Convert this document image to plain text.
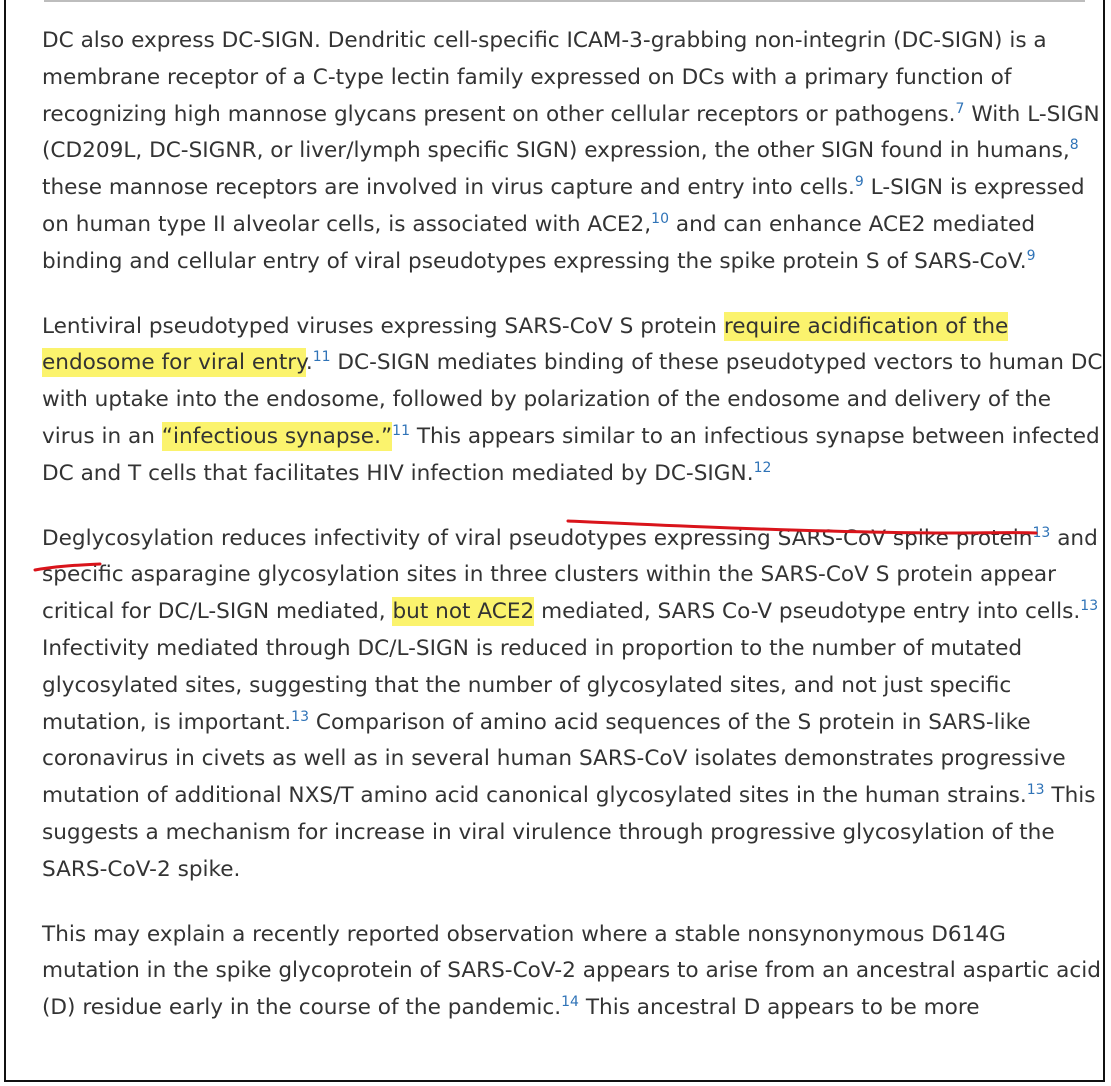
DC also express DC-SIGN. Dendritic cell-specific ICAM-3-grabbing non-integrin (DC-SIGN) is a membrane receptor of a C-type lectin family expressed on DCs with a primary function of recognizing high mannose glycans present on other cellular receptors or pathogens.$^7$ With L-SIGN (CD209L, DC-SIGNR, or liver/lymph specific SIGN) expression, the other SIGN found in humans,$^8$ these mannose receptors are involved in virus capture and entry into cells.$^9$ L-SIGN is expressed on human type II alveolar cells, is associated with ACE2,10 and can enhance ACE2 mediated binding and cellular entry of viral pseudotypes expressing the spike protein S of SARS-CoV.$^9$

Lentiviral pseudotyped viruses expressing SARS-CoV S protein require acidification of the endosome for viral entry.$^{11}$ DC-SIGN mediates binding of these pseudotyped vectors to human DC with uptake into the endosome, followed by polarization of the endosome and delivery of the virus in an “infectious synapse.”$^{11}$ This appears similar to an infectious synapse between infected DC and T cells that facilitates HIV infection mediated by DC-SIGN.$^{12}$

Deglycosylation reduces infectivity of viral pseudotypes expressing SARS-CoV spike protein$^{13}$ and specific asparagine glycosylation sites in three clusters within the SARS-CoV S protein appear critical for DC/L-SIGN mediated, but not ACE2 mediated, SARS Co-V pseudotype entry into cells.$^{13}$ Infectivity mediated through DC/L-SIGN is reduced in proportion to the number of mutated glycosylated sites, suggesting that the number of glycosylated sites, and not just specific mutation, is important.$^{13}$ Comparison of amino acid sequences of the S protein in SARS-like coronavirus in civets as well as in several human SARS-CoV isolates demonstrates progressive mutation of additional NXS/T amino acid canonical glycosylated sites in the human strains.$^{13}$ This suggests a mechanism for increase in viral virulence through progressive glycosylation of the SARS-CoV-2 spike.

This may explain a recently reported observation where a stable nonsynonymous D614G mutation in the spike glycoprotein of SARS-CoV-2 appears to arise from an ancestral aspartic acid (D) residue early in the course of the pandemic.$^{14}$ This ancestral D appears to be more
